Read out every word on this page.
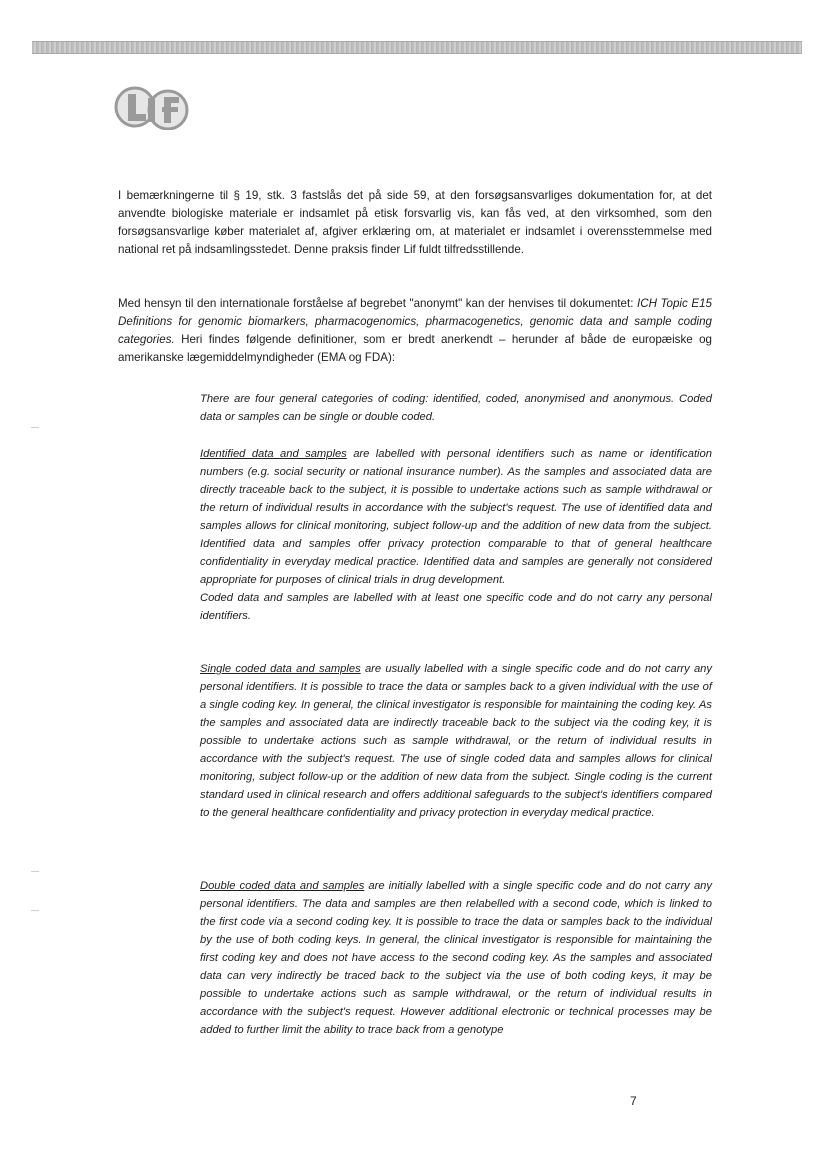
I bemærkningerne til § 19, stk. 3 fastslås det på side 59, at den forsøgsansvarliges dokumentation for, at det anvendte biologiske materiale er indsamlet på etisk forsvarlig vis, kan fås ved, at den virksomhed, som den forsøgsansvarlige køber materialet af, afgiver erklæring om, at materialet er indsamlet i overensstemmelse med national ret på indsamlingsstedet. Denne praksis finder Lif fuldt tilfredsstillende.

Med hensyn til den internationale forståelse af begrebet "anonymt" kan der henvises til dokumentet: ICH Topic E15 Definitions for genomic biomarkers, pharmacogenomics, pharmacogenetics, genomic data and sample coding categories. Heri findes følgende definitioner, som er bredt anerkendt – herunder af både de europæiske og amerikanske lægemiddelmyndigheder (EMA og FDA):

There are four general categories of coding: identified, coded, anonymised and anonymous. Coded data or samples can be single or double coded.

Identified data and samples are labelled with personal identifiers such as name or identification numbers (e.g. social security or national insurance number). As the samples and associated data are directly traceable back to the subject, it is possible to undertake actions such as sample withdrawal or the return of individual results in accordance with the subject's request. The use of identified data and samples allows for clinical monitoring, subject follow-up and the addition of new data from the subject. Identified data and samples offer privacy protection comparable to that of general healthcare confidentiality in everyday medical practice. Identified data and samples are generally not considered appropriate for purposes of clinical trials in drug development.
Coded data and samples are labelled with at least one specific code and do not carry any personal identifiers.

Single coded data and samples are usually labelled with a single specific code and do not carry any personal identifiers. It is possible to trace the data or samples back to a given individual with the use of a single coding key. In general, the clinical investigator is responsible for maintaining the coding key. As the samples and associated data are indirectly traceable back to the subject via the coding key, it is possible to undertake actions such as sample withdrawal, or the return of individual results in accordance with the subject's request. The use of single coded data and samples allows for clinical monitoring, subject follow-up or the addition of new data from the subject. Single coding is the current standard used in clinical research and offers additional safeguards to the subject's identifiers compared to the general healthcare confidentiality and privacy protection in everyday medical practice.

Double coded data and samples are initially labelled with a single specific code and do not carry any personal identifiers. The data and samples are then relabelled with a second code, which is linked to the first code via a second coding key. It is possible to trace the data or samples back to the individual by the use of both coding keys. In general, the clinical investigator is responsible for maintaining the first coding key and does not have access to the second coding key. As the samples and associated data can very indirectly be traced back to the subject via the use of both coding keys, it may be possible to undertake actions such as sample withdrawal, or the return of individual results in accordance with the subject's request. However additional electronic or technical processes may be added to further limit the ability to trace back from a genotype

7
